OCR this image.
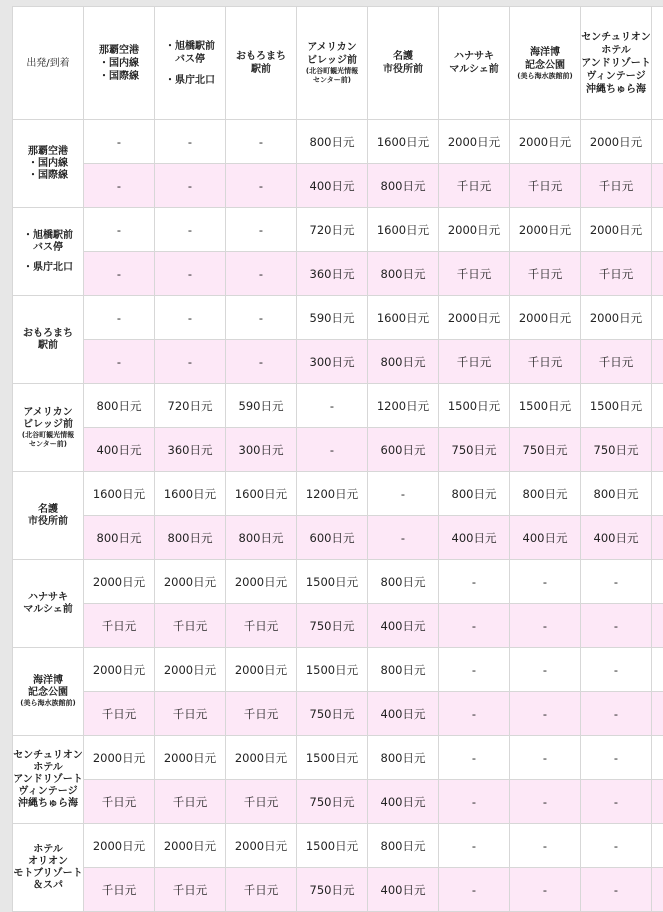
出発/到着	那覇空港
・国内線
・国際線	・旭橋駅前
バス停
・県庁北口	おもろまち
駅前	アメリカン
ビレッジ前
(北谷町観光情報
センター前)	名護
市役所前	ハナサキ
マルシェ前	海洋博
記念公園
(美ら海水族館前)	センチュリオン
ホテル
アンドリゾート
ヴィンテージ
沖縄ちゅら海	

那覇空港
・国内線
・国際線	-	-	-	800日元	1600日元	2000日元	2000日元	2000日元	
	-	-	-	400日元	800日元	千日元	千日元	千日元	

・旭橋駅前
バス停
・県庁北口	-	-	-	720日元	1600日元	2000日元	2000日元	2000日元	
	-	-	-	360日元	800日元	千日元	千日元	千日元	

おもろまち
駅前	-	-	-	590日元	1600日元	2000日元	2000日元	2000日元	
	-	-	-	300日元	800日元	千日元	千日元	千日元	

アメリカン
ビレッジ前
(北谷町観光情報
センター前)	800日元	720日元	590日元	-	1200日元	1500日元	1500日元	1500日元	
	400日元	360日元	300日元	-	600日元	750日元	750日元	750日元	

名護
市役所前	1600日元	1600日元	1600日元	1200日元	-	800日元	800日元	800日元	
	800日元	800日元	800日元	600日元	-	400日元	400日元	400日元	

ハナサキ
マルシェ前	2000日元	2000日元	2000日元	1500日元	800日元	-	-	-	
	千日元	千日元	千日元	750日元	400日元	-	-	-	

海洋博
記念公園
(美ら海水族館前)	2000日元	2000日元	2000日元	1500日元	800日元	-	-	-	
	千日元	千日元	千日元	750日元	400日元	-	-	-	

センチュリオン
ホテル
アンドリゾート
ヴィンテージ
沖縄ちゅら海	2000日元	2000日元	2000日元	1500日元	800日元	-	-	-	
	千日元	千日元	千日元	750日元	400日元	-	-	-	

ホテル
オリオン
モトブリゾート
＆スパ	2000日元	2000日元	2000日元	1500日元	800日元	-	-	-	
	千日元	千日元	千日元	750日元	400日元	-	-	-	
